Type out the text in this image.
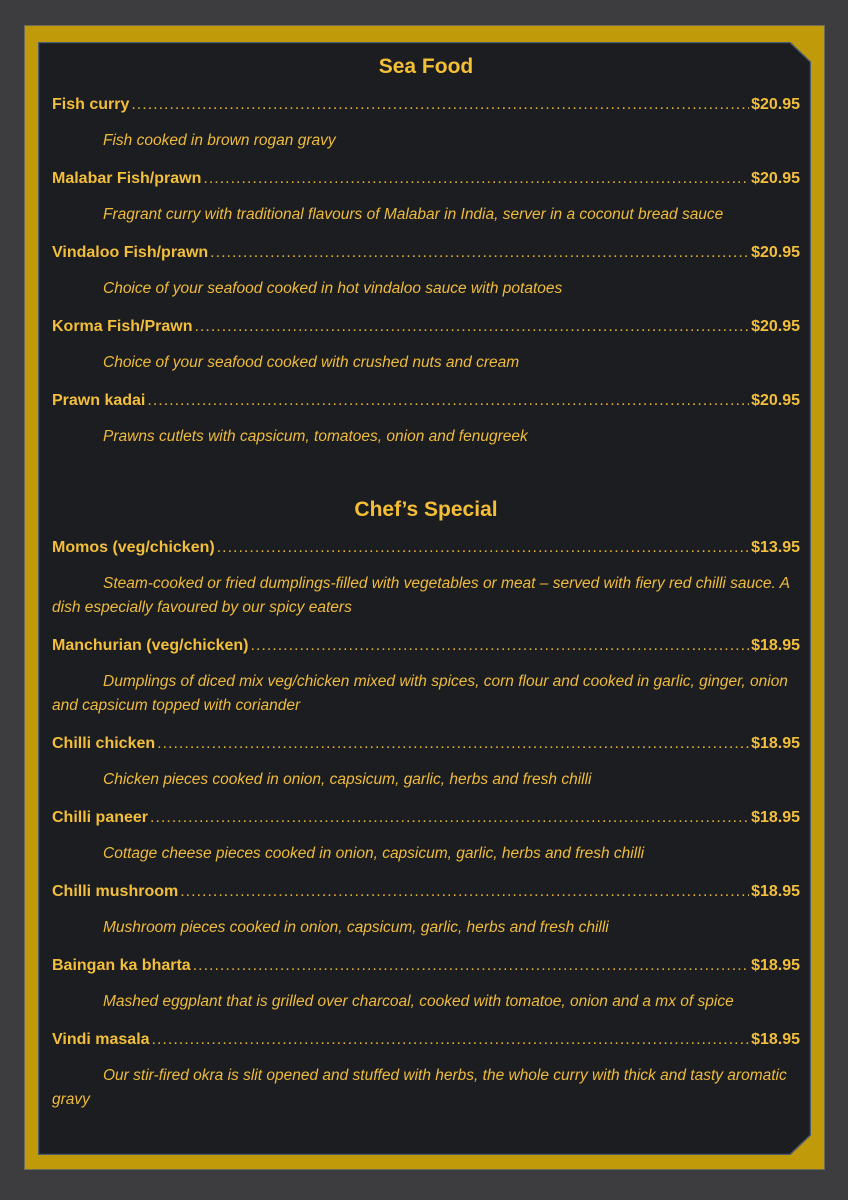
Sea Food
Fish curry .....	$20.95
Fish cooked in brown rogan gravy
Malabar Fish/prawn .....	$20.95
Fragrant curry with traditional flavours of Malabar in India, server in a coconut bread sauce
Vindaloo Fish/prawn .....	$20.95
Choice of your seafood cooked in hot vindaloo sauce with potatoes
Korma Fish/Prawn .....	$20.95
Choice of your seafood cooked with crushed nuts and cream
Prawn kadai .....	$20.95
Prawns cutlets with capsicum, tomatoes, onion and fenugreek
Chef’s Special
Momos (veg/chicken) .....	$13.95
Steam-cooked or fried dumplings-filled with vegetables or meat – served with fiery red chilli sauce. A dish especially favoured by our spicy eaters
Manchurian (veg/chicken) .....	$18.95
Dumplings of diced mix veg/chicken mixed with spices, corn flour and cooked in garlic, ginger, onion and capsicum topped with coriander
Chilli chicken .....	$18.95
Chicken pieces cooked in onion, capsicum, garlic, herbs and fresh chilli
Chilli paneer .....	$18.95
Cottage cheese pieces cooked in onion, capsicum, garlic, herbs and fresh chilli
Chilli mushroom .....	$18.95
Mushroom pieces cooked in onion, capsicum, garlic, herbs and fresh chilli
Baingan ka bharta .....	$18.95
Mashed eggplant that is grilled over charcoal, cooked with tomatoe, onion and a mx of spice
Vindi masala .....	$18.95
Our stir-fired okra is slit opened and stuffed with herbs, the whole curry with thick and tasty aromatic gravy
